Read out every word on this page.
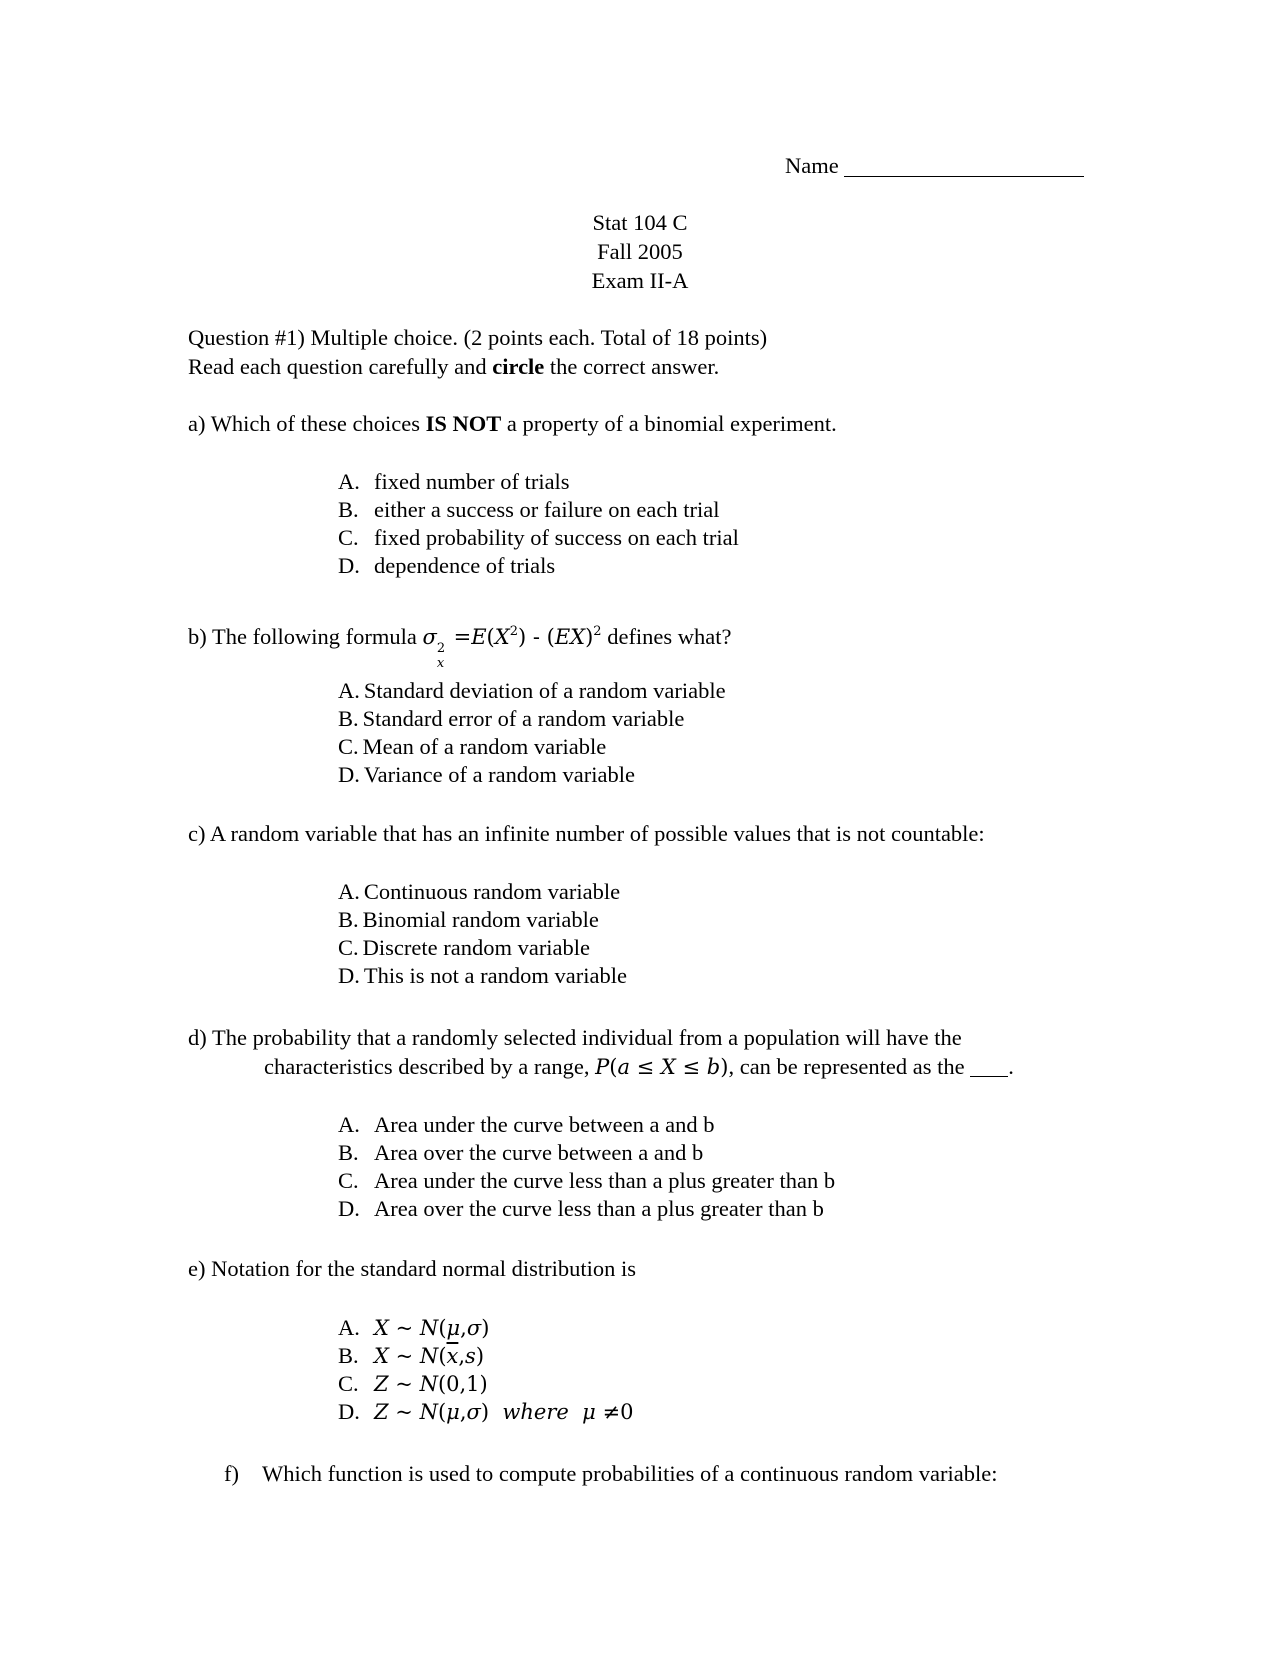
Name
Stat 104 C
Fall 2005
Exam II-A
Question #1) Multiple choice. (2 points each. Total of 18 points)
Read each question carefully and circle the correct answer.
a) Which of these choices IS NOT a property of a binomial experiment.
A. fixed number of trials
B. either a success or failure on each trial
C. fixed probability of success on each trial
D. dependence of trials
b) The following formula σ 2
x
$=E(X^2) - (EX)^2$ defines what?
A. Standard deviation of a random variable
B. Standard error of a random variable
C. Mean of a random variable
D. Variance of a random variable
c) A random variable that has an infinite number of possible values that is not countable:
A. Continuous random variable
B. Binomial random variable
C. Discrete random variable
D. This is not a random variable
d) The probability that a randomly selected individual from a population will have the
characteristics described by a range, P(a ≤ X ≤ b), can be represented as the .
A. Area under the curve between a and b
B. Area over the curve between a and b
C. Area under the curve less than a plus greater than b
D. Area over the curve less than a plus greater than b
e) Notation for the standard normal distribution is
A. X ~ N(μ,σ)
B. X ~ $N(\overline{x},s)$
C. Z ~ N(0,1)
D. Z ~ N(μ,σ)  where  μ ≠0
f) Which function is used to compute probabilities of a continuous random variable:
